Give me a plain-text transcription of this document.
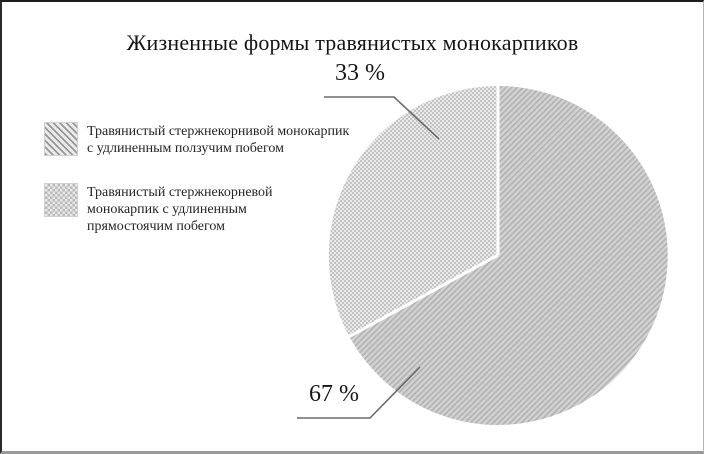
Жизненные формы травянистых монокарпиков
33 %
67 %
Травянистый стержнекорнивой монокарпик
с удлиненным ползучим побегом
Травянистый стержнекорневой
монокарпик с удлиненным
прямостоячим побегом
